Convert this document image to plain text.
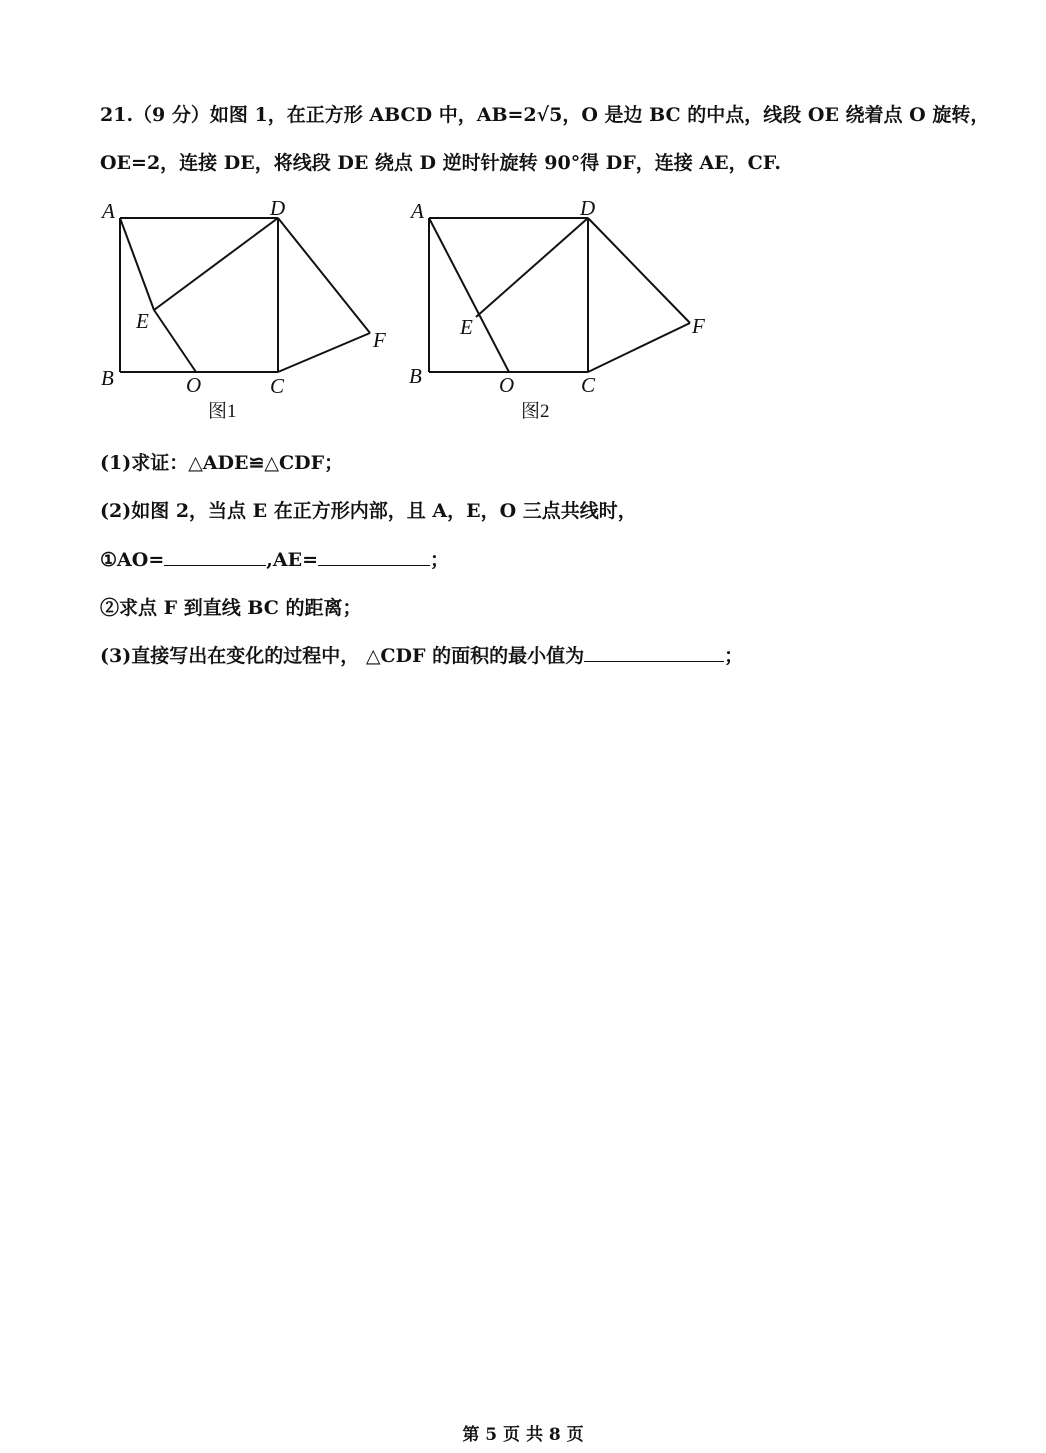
21.（9 分）如图 1，在正方形 ABCD 中，AB=2√5，O 是边 BC 的中点，线段 OE 绕着点 O 旋转，
OE=2，连接 DE，将线段 DE 绕点 D 逆时针旋转 90°得 DF，连接 AE，CF.
A	D
E
F
B	O	C
图1
A	D
E	F
B	O	C
图2
(1)求证：△ADE≌△CDF；
(2)如图 2，当点 E 在正方形内部，且 A，E，O 三点共线时，
①AO=	,AE=	；
②求点 F 到直线 BC 的距离；
(3)直接写出在变化的过程中， △CDF 的面积的最小值为	；
第 5 页 共 8 页
